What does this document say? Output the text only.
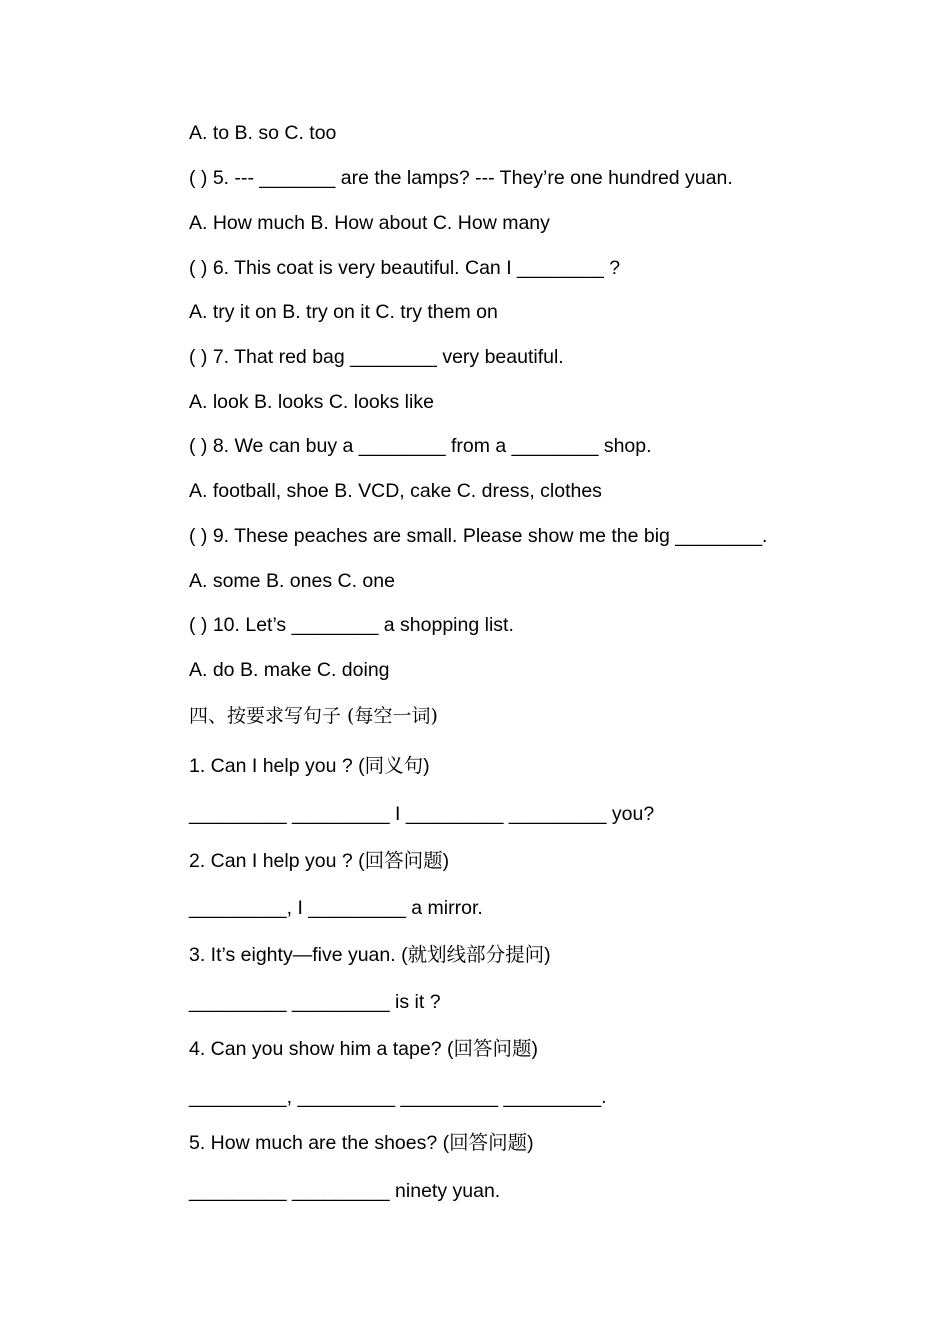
A. to B. so C. too
( ) 5. --- _______ are the lamps? --- They’re one hundred yuan.
A. How much B. How about C. How many
( ) 6. This coat is very beautiful. Can I ________ ?
A. try it on B. try on it C. try them on
( ) 7. That red bag ________ very beautiful.
A. look B. looks C. looks like
( ) 8. We can buy a ________ from a ________ shop.
A. football, shoe B. VCD, cake C. dress, clothes
( ) 9. These peaches are small. Please show me the big ________.
A. some B. ones C. one
( ) 10. Let’s ________ a shopping list.
A. do B. make C. doing
四、按要求写句子 (每空一词)
1. Can I help you ? (同义句)
_________ _________ I _________ _________ you?
2. Can I help you ? (回答问题)
_________, I _________ a mirror.
3. It’s eighty—five yuan. (就划线部分提问)
_________ _________ is it ?
4. Can you show him a tape? (回答问题)
_________, _________ _________ _________.
5. How much are the shoes? (回答问题)
_________ _________ ninety yuan.
